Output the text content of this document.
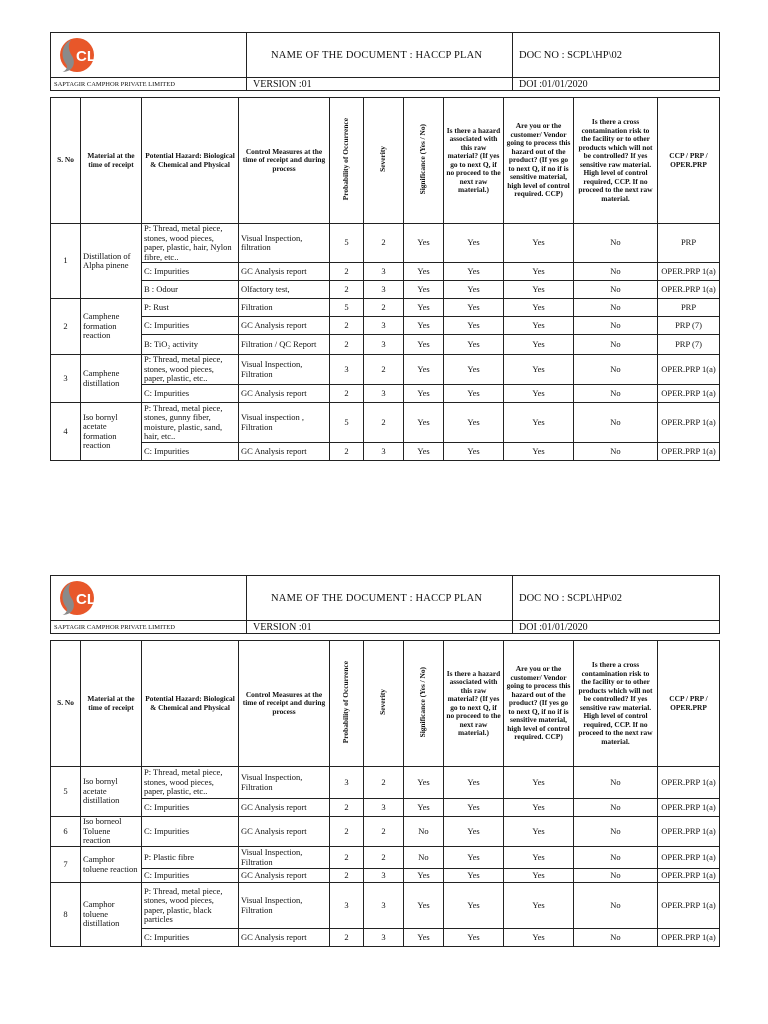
CL	NAME OF THE DOCUMENT : HACCP PLAN	DOC NO : SCPL\HP\02
SAPTAGIR CAMPHOR PRIVATE LIMITED	VERSION :01	DOI :01/01/2020
S. No	Material at the time of receipt	Potential Hazard: Biological & Chemical and Physical	Control Measures at the time of receipt and during process	Probability of Occurrence	Severity	Significance (Yes / No)	Is there a hazard associated with this raw material? (If yes go to next Q, if no proceed to the next raw material.)	Are you or the customer/ Vendor going to process this hazard out of the product? (If yes go to next Q, if no if is sensitive material, high level of control required. CCP)	Is there a cross contamination risk to the facility or to other products which will not be controlled? If yes sensitive raw material. High level of control required, CCP. If no proceed to the next raw material.	CCP / PRP / OPER.PRP
1	Distillation of Alpha pinene	P: Thread, metal piece, stones, wood pieces, paper, plastic, hair, Nylon fibre, etc..	Visual Inspection, filtration	5	2	Yes	Yes	Yes	No	PRP
		C: Impurities	GC Analysis report	2	3	Yes	Yes	Yes	No	OPER.PRP 1(a)
		B : Odour	Olfactory test,	2	3	Yes	Yes	Yes	No	OPER.PRP 1(a)
2	Camphene formation reaction	P: Rust	Filtration	5	2	Yes	Yes	Yes	No	PRP
		C: Impurities	GC Analysis report	2	3	Yes	Yes	Yes	No	PRP (7)
		B: TiO₂ activity	Filtration / QC Report	2	3	Yes	Yes	Yes	No	PRP (7)
3	Camphene distillation	P: Thread, metal piece, stones, wood pieces, paper, plastic, etc..	Visual Inspection, Filtration	3	2	Yes	Yes	Yes	No	OPER.PRP 1(a)
		C: Impurities	GC Analysis report	2	3	Yes	Yes	Yes	No	OPER.PRP 1(a)
4	Iso bornyl acetate formation reaction	P: Thread, metal piece, stones, gunny fiber, moisture, plastic, sand, hair, etc..	Visual inspection , Filtration	5	2	Yes	Yes	Yes	No	OPER.PRP 1(a)
		C: Impurities	GC Analysis report	2	3	Yes	Yes	Yes	No	OPER.PRP 1(a)
CL	NAME OF THE DOCUMENT : HACCP PLAN	DOC NO : SCPL\HP\02
SAPTAGIR CAMPHOR PRIVATE LIMITED	VERSION :01	DOI :01/01/2020
S. No	Material at the time of receipt	Potential Hazard: Biological & Chemical and Physical	Control Measures at the time of receipt and during process	Probability of Occurrence	Severity	Significance (Yes / No)	Is there a hazard associated with this raw material? (If yes go to next Q, if no proceed to the next raw material.)	Are you or the customer/ Vendor going to process this hazard out of the product? (If yes go to next Q, if no if is sensitive material, high level of control required. CCP)	Is there a cross contamination risk to the facility or to other products which will not be controlled? If yes sensitive raw material. High level of control required, CCP. If no proceed to the next raw material.	CCP / PRP / OPER.PRP
5	Iso bornyl acetate distillation	P: Thread, metal piece, stones, wood pieces, paper, plastic, etc..	Visual Inspection, Filtration	3	2	Yes	Yes	Yes	No	OPER.PRP 1(a)
		C: Impurities	GC Analysis report	2	3	Yes	Yes	Yes	No	OPER.PRP 1(a)
6	Iso borneol Toluene reaction	C: Impurities	GC Analysis report	2	2	No	Yes	Yes	No	OPER.PRP 1(a)
7	Camphor toluene reaction	P: Plastic fibre	Visual Inspection, Filtration	2	2	No	Yes	Yes	No	OPER.PRP 1(a)
		C: Impurities	GC Analysis report	2	3	Yes	Yes	Yes	No	OPER.PRP 1(a)
8	Camphor toluene distillation	P: Thread, metal piece, stones, wood pieces, paper, plastic, black particles	Visual Inspection, Filtration	3	3	Yes	Yes	Yes	No	OPER.PRP 1(a)
		C: Impurities	GC Analysis report	2	3	Yes	Yes	Yes	No	OPER.PRP 1(a)
